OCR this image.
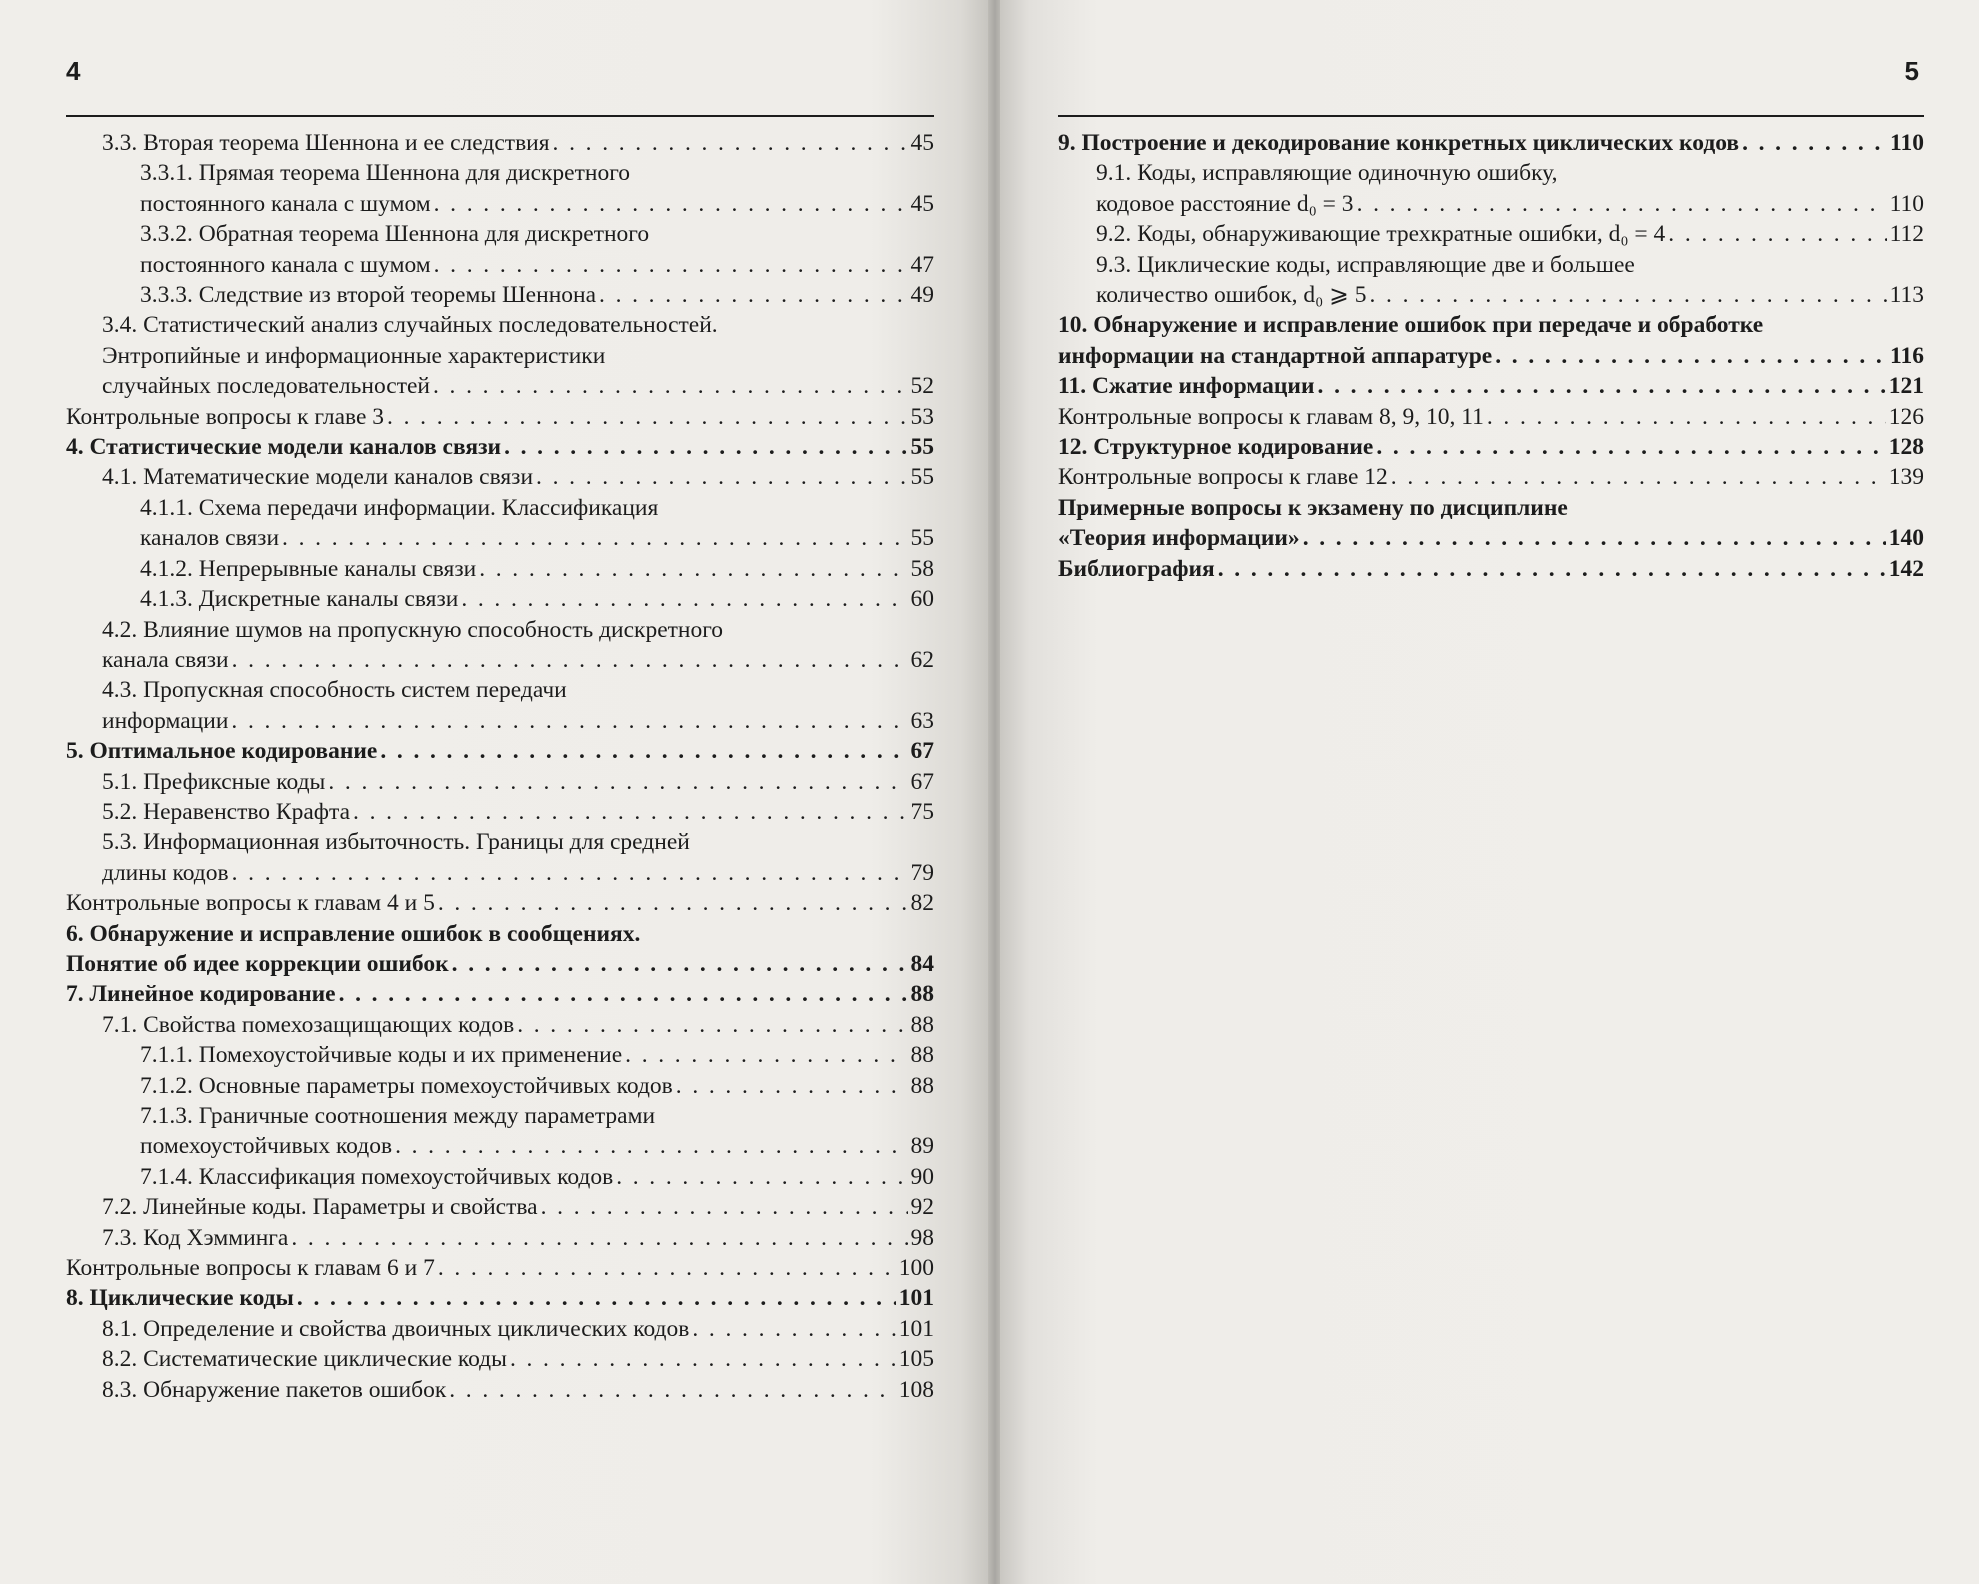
4
3.3. Вторая теорема Шеннона и ее следствия . . .	45
3.3.1. Прямая теорема Шеннона для дискретного
постоянного канала с шумом . . .	45
3.3.2. Обратная теорема Шеннона для дискретного
постоянного канала с шумом . . .	47
3.3.3. Следствие из второй теоремы Шеннона . . .	49
3.4. Статистический анализ случайных последовательностей.
Энтропийные и информационные характеристики
случайных последовательностей . . .	52
Контрольные вопросы к главе 3 . . .	53
4. Статистические модели каналов связи . . .	55
4.1. Математические модели каналов связи . . .	55
4.1.1. Схема передачи информации. Классификация
каналов связи . . .	55
4.1.2. Непрерывные каналы связи . . .	58
4.1.3. Дискретные каналы связи . . .	60
4.2. Влияние шумов на пропускную способность дискретного
канала связи . . .	62
4.3. Пропускная способность систем передачи
информации . . .	63
5. Оптимальное кодирование . . .	67
5.1. Префиксные коды . . .	67
5.2. Неравенство Крафта . . .	75
5.3. Информационная избыточность. Границы для средней
длины кодов . . .	79
Контрольные вопросы к главам 4 и 5 . . .	82
6. Обнаружение и исправление ошибок в сообщениях.
Понятие об идее коррекции ошибок . . .	84
7. Линейное кодирование . . .	88
7.1. Свойства помехозащищающих кодов . . .	88
7.1.1. Помехоустойчивые коды и их применение . . .	88
7.1.2. Основные параметры помехоустойчивых кодов . . .	88
7.1.3. Граничные соотношения между параметрами
помехоустойчивых кодов . . .	89
7.1.4. Классификация помехоустойчивых кодов . . .	90
7.2. Линейные коды. Параметры и свойства . . .	92
7.3. Код Хэмминга . . .	98
Контрольные вопросы к главам 6 и 7 . . .	100
8. Циклические коды . . .	101
8.1. Определение и свойства двоичных циклических кодов . . .	101
8.2. Систематические циклические коды . . .	105
8.3. Обнаружение пакетов ошибок . . .	108
5
9. Построение и декодирование конкретных циклических кодов . . .	110
9.1. Коды, исправляющие одиночную ошибку,
кодовое расстояние d₀ = 3 . . .	110
9.2. Коды, обнаруживающие трехкратные ошибки, d₀ = 4 . . .	112
9.3. Циклические коды, исправляющие две и большее
количество ошибок, d₀ ⩾ 5 . . .	113
10. Обнаружение и исправление ошибок при передаче и обработке
информации на стандартной аппаратуре . . .	116
11. Сжатие информации . . .	121
Контрольные вопросы к главам 8, 9, 10, 11 . . .	126
12. Структурное кодирование . . .	128
Контрольные вопросы к главе 12 . . .	139
Примерные вопросы к экзамену по дисциплине
«Теория информации» . . .	140
Библиография . . .	142
